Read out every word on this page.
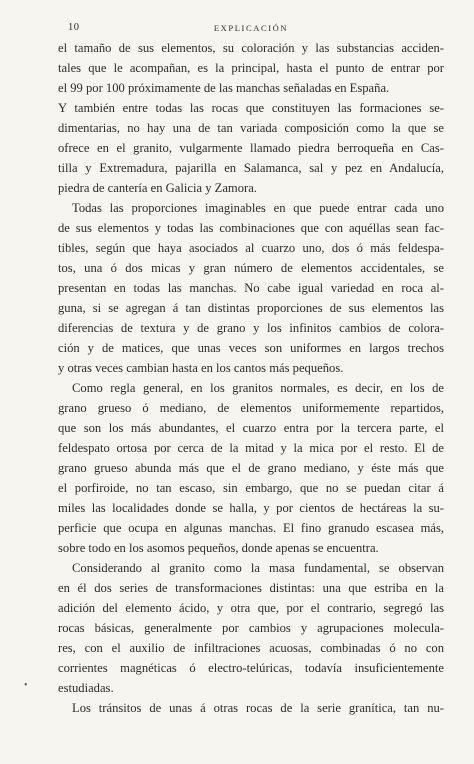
10	EXPLICACIÓN
el tamaño de sus elementos, su coloración y las substancias acciden-
tales que le acompañan, es la principal, hasta el punto de entrar por
el 99 por 100 próximamente de las manchas señaladas en España.
Y también entre todas las rocas que constituyen las formaciones se-
dimentarias, no hay una de tan variada composición como la que se
ofrece en el granito, vulgarmente llamado piedra berroqueña en Cas-
tilla y Extremadura, pajarilla en Salamanca, sal y pez en Andalucía,
piedra de cantería en Galicia y Zamora.
Todas las proporciones imaginables en que puede entrar cada uno
de sus elementos y todas las combinaciones que con aquéllas sean fac-
tibles, según que haya asociados al cuarzo uno, dos ó más feldespa-
tos, una ó dos micas y gran número de elementos accidentales, se
presentan en todas las manchas. No cabe igual variedad en roca al-
guna, si se agregan á tan distintas proporciones de sus elementos las
diferencias de textura y de grano y los infinitos cambios de colora-
ción y de matices, que unas veces son uniformes en largos trechos
y otras veces cambian hasta en los cantos más pequeños.
Como regla general, en los granitos normales, es decir, en los de
grano grueso ó mediano, de elementos uniformemente repartidos,
que son los más abundantes, el cuarzo entra por la tercera parte, el
feldespato ortosa por cerca de la mitad y la mica por el resto. El de
grano grueso abunda más que el de grano mediano, y éste más que
el porfiroide, no tan escaso, sin embargo, que no se puedan citar á
miles las localidades donde se halla, y por cientos de hectáreas la su-
perficie que ocupa en algunas manchas. El fino granudo escasea más,
sobre todo en los asomos pequeños, donde apenas se encuentra.
Considerando al granito como la masa fundamental, se observan
en él dos series de transformaciones distintas: una que estriba en la
adición del elemento ácido, y otra que, por el contrario, segregó las
rocas básicas, generalmente por cambios y agrupaciones molecula-
res, con el auxilio de infiltraciones acuosas, combinadas ó no con
corrientes magnéticas ó electro-telúricas, todavía insuficientemente
estudiadas.
Los tránsitos de unas á otras rocas de la serie granítica, tan nu-
•
